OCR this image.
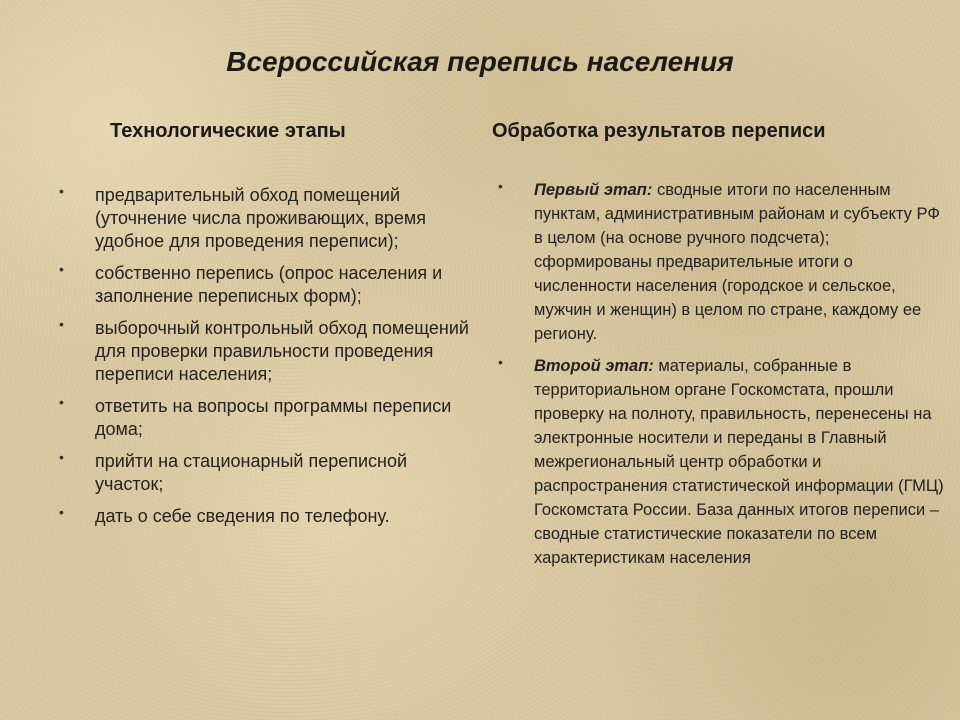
Всероссийская перепись населения
Технологические этапы	Обработка результатов переписи
• предварительный обход помещений (уточнение числа проживающих, время удобное для проведения переписи);
• собственно перепись (опрос населения и заполнение переписных форм);
• выборочный контрольный обход помещений для проверки правильности проведения переписи населения;
• ответить на вопросы программы переписи дома;
• прийти на стационарный переписной участок;
• дать о себе сведения по телефону.
• Первый этап: сводные итоги по населенным пунктам, административным районам и субъекту РФ в целом (на основе ручного подсчета); сформированы предварительные итоги о численности населения (городское и сельское, мужчин и женщин) в целом по стране, каждому ее региону.
• Второй этап: материалы, собранные в территориальном органе Госкомстата, прошли проверку на полноту, правильность, перенесены на электронные носители и переданы в Главный межрегиональный центр обработки и распространения статистической информации (ГМЦ) Госкомстата России. База данных итогов переписи – сводные статистические показатели по всем характеристикам населения
